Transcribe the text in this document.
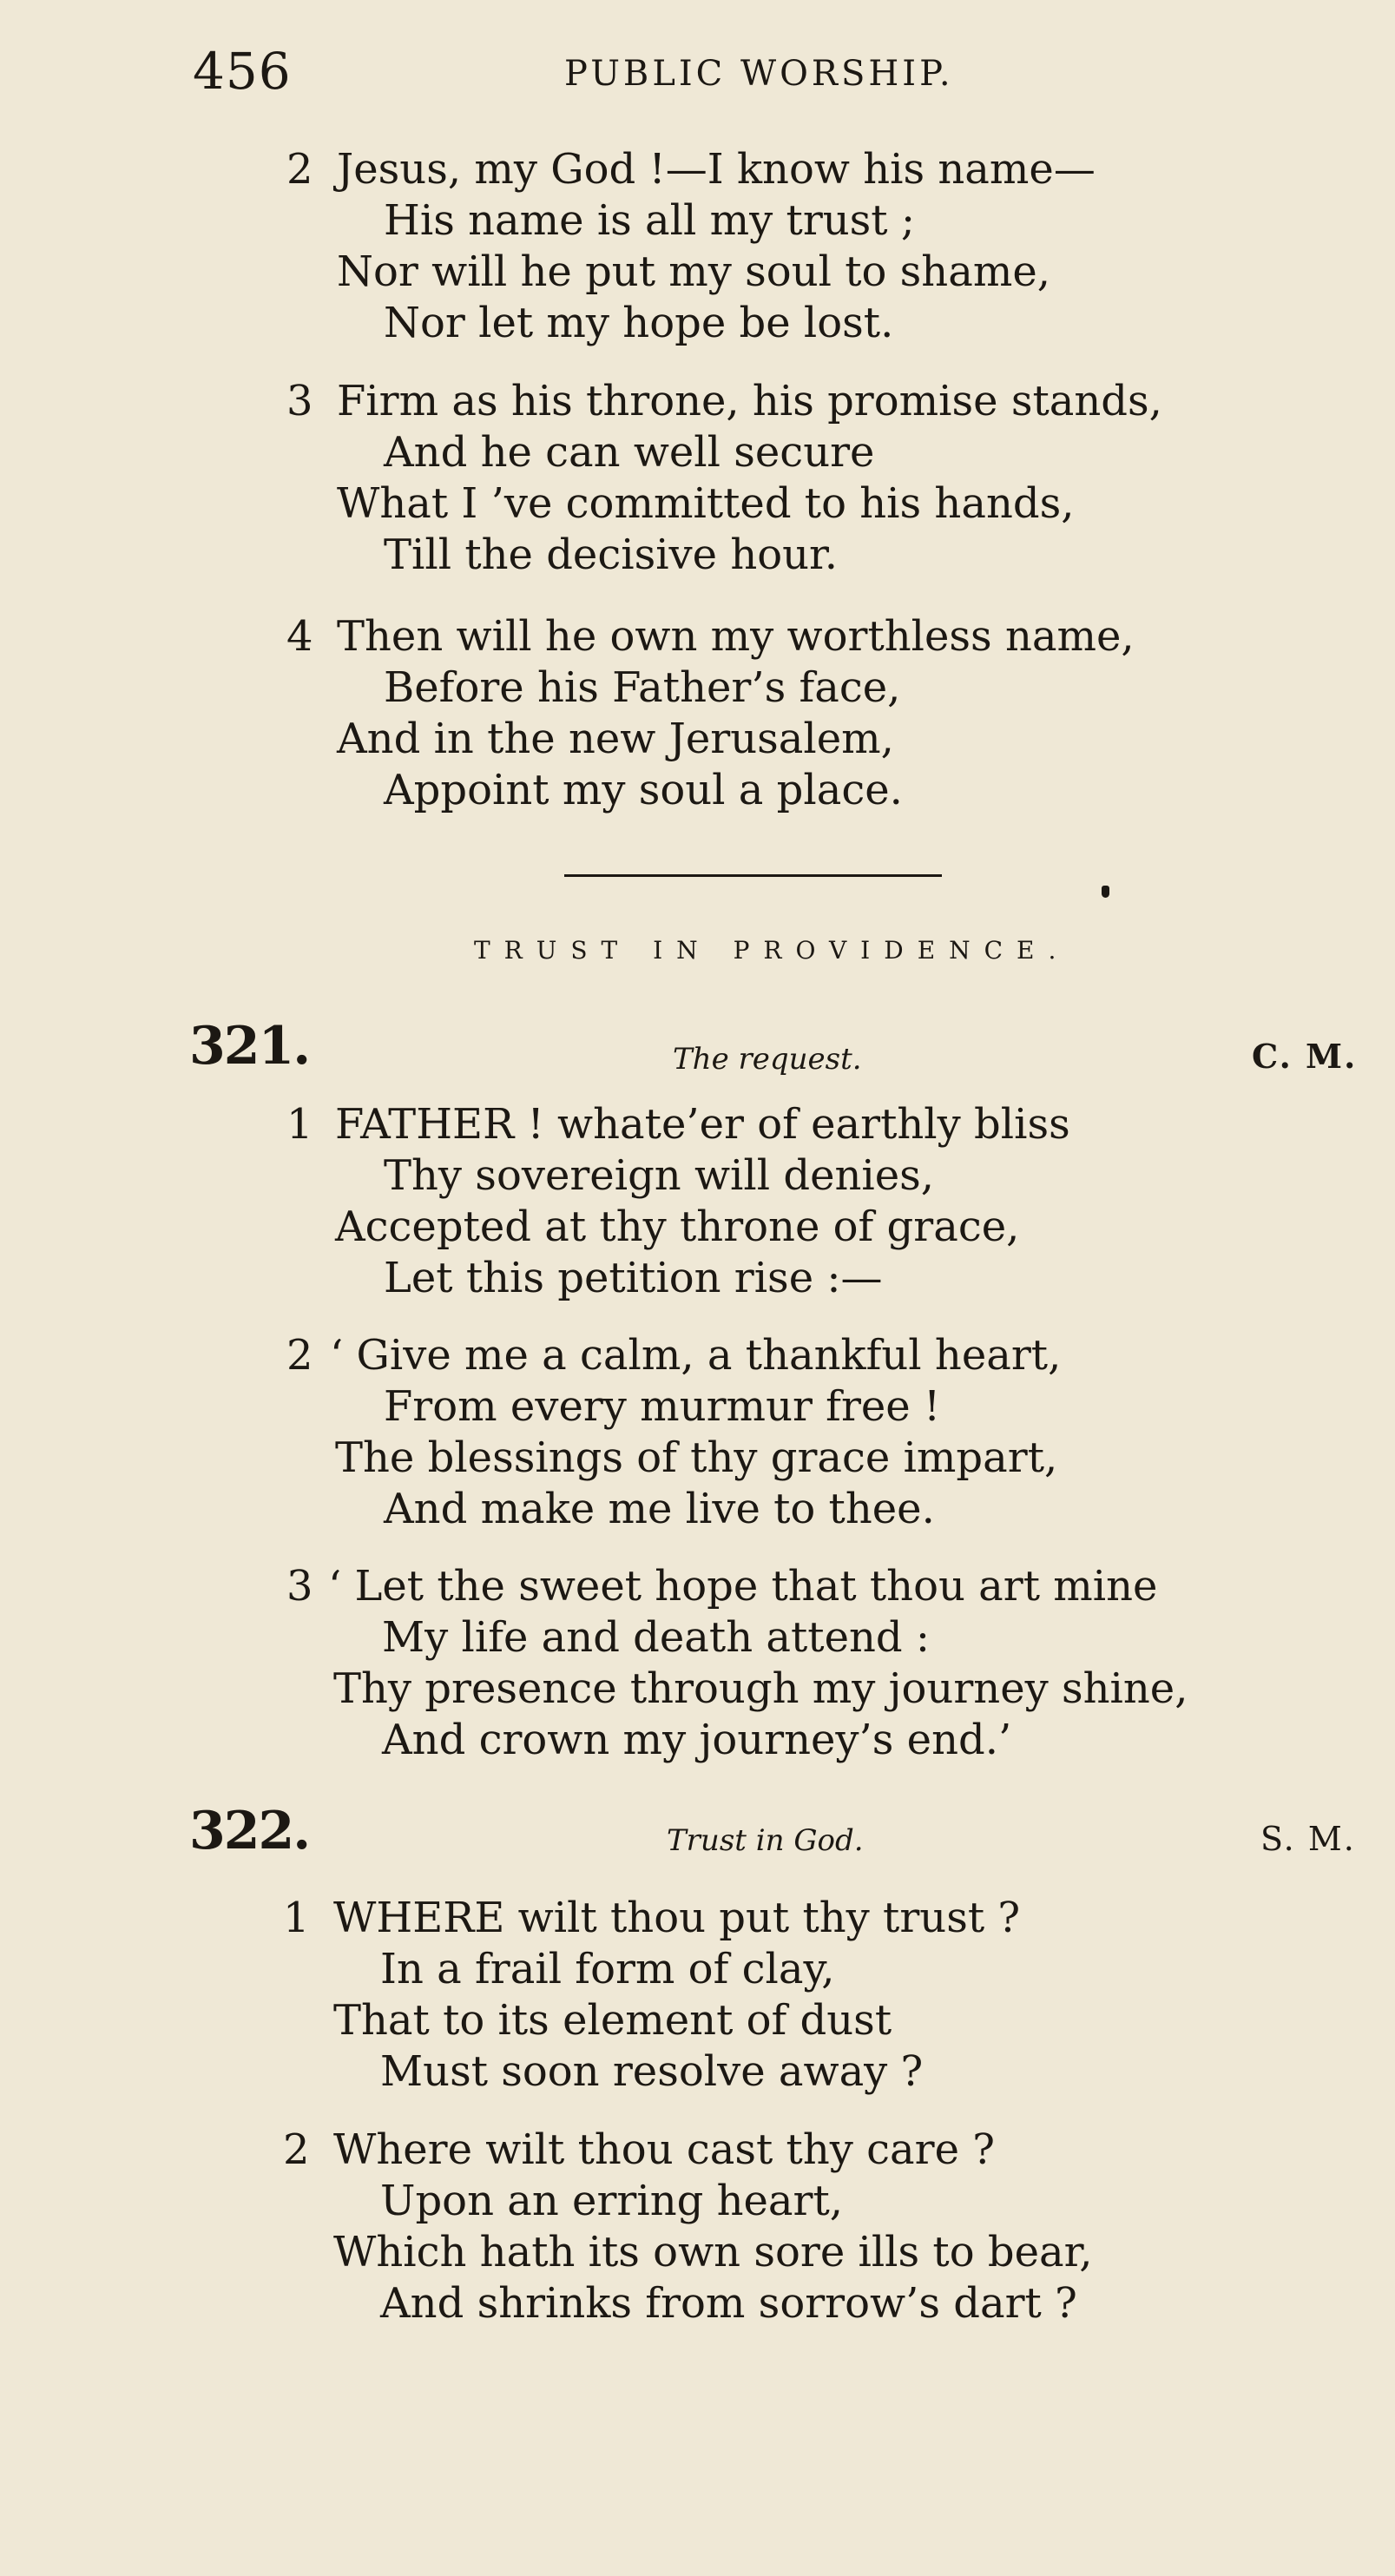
456	PUBLIC WORSHIP.
2 Jesus, my God !—I know his name—
His name is all my trust ;
Nor will he put my soul to shame,
Nor let my hope be lost.
3 Firm as his throne, his promise stands,
And he can well secure
What I ’ve committed to his hands,
Till the decisive hour.
4 Then will he own my worthless name,
Before his Father’s face,
And in the new Jerusalem,
Appoint my soul a place.
TRUST IN PROVIDENCE.
321.	The request.	C. M.
1 FATHER ! whate’er of earthly bliss
Thy sovereign will denies,
Accepted at thy throne of grace,
Let this petition rise :—
2 ‘ Give me a calm, a thankful heart,
From every murmur free !
The blessings of thy grace impart,
And make me live to thee.
3 ‘ Let the sweet hope that thou art mine
My life and death attend :
Thy presence through my journey shine,
And crown my journey’s end.’
322.	Trust in God.	S. M.
1 WHERE wilt thou put thy trust ?
In a frail form of clay,
That to its element of dust
Must soon resolve away ?
2 Where wilt thou cast thy care ?
Upon an erring heart,
Which hath its own sore ills to bear,
And shrinks from sorrow’s dart ?
